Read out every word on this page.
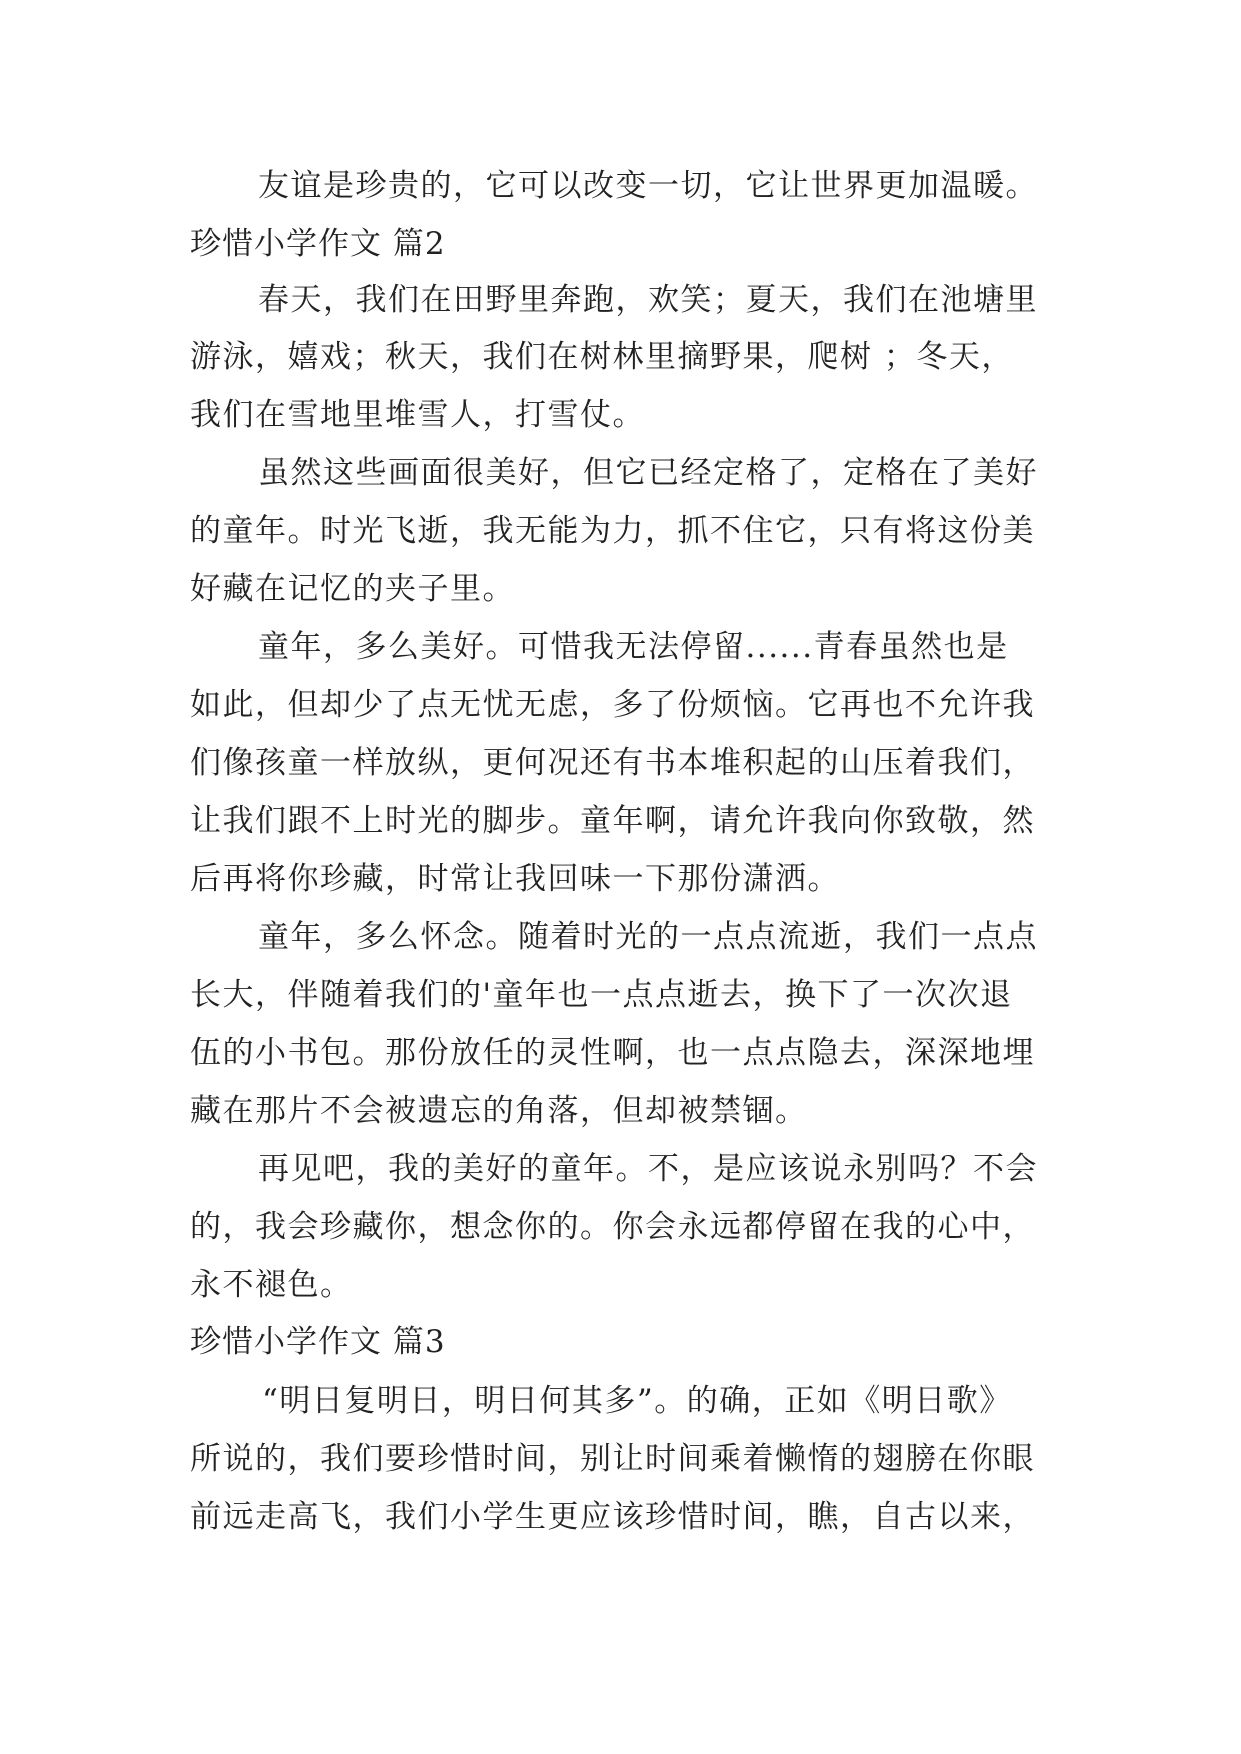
友谊是珍贵的，它可以改变一切，它让世界更加温暖。
珍惜小学作文 篇2
春天，我们在田野里奔跑，欢笑；夏天，我们在池塘里
游泳，嬉戏；秋天，我们在树林里摘野果，爬树 ；冬天，
我们在雪地里堆雪人，打雪仗。
虽然这些画面很美好，但它已经定格了，定格在了美好
的童年。时光飞逝，我无能为力，抓不住它，只有将这份美
好藏在记忆的夹子里。
童年，多么美好。可惜我无法停留......青春虽然也是
如此，但却少了点无忧无虑，多了份烦恼。它再也不允许我
们像孩童一样放纵，更何况还有书本堆积起的山压着我们，
让我们跟不上时光的脚步。童年啊，请允许我向你致敬，然
后再将你珍藏，时常让我回味一下那份潇洒。
童年，多么怀念。随着时光的一点点流逝，我们一点点
长大，伴随着我们的'童年也一点点逝去，换下了一次次退
伍的小书包。那份放任的灵性啊，也一点点隐去，深深地埋
藏在那片不会被遗忘的角落，但却被禁锢。
再见吧，我的美好的童年。不，是应该说永别吗？不会
的，我会珍藏你，想念你的。你会永远都停留在我的心中，
永不褪色。
珍惜小学作文 篇3
“明日复明日，明日何其多”。的确，正如《明日歌》
所说的，我们要珍惜时间，别让时间乘着懒惰的翅膀在你眼
前远走高飞，我们小学生更应该珍惜时间，瞧，自古以来，
